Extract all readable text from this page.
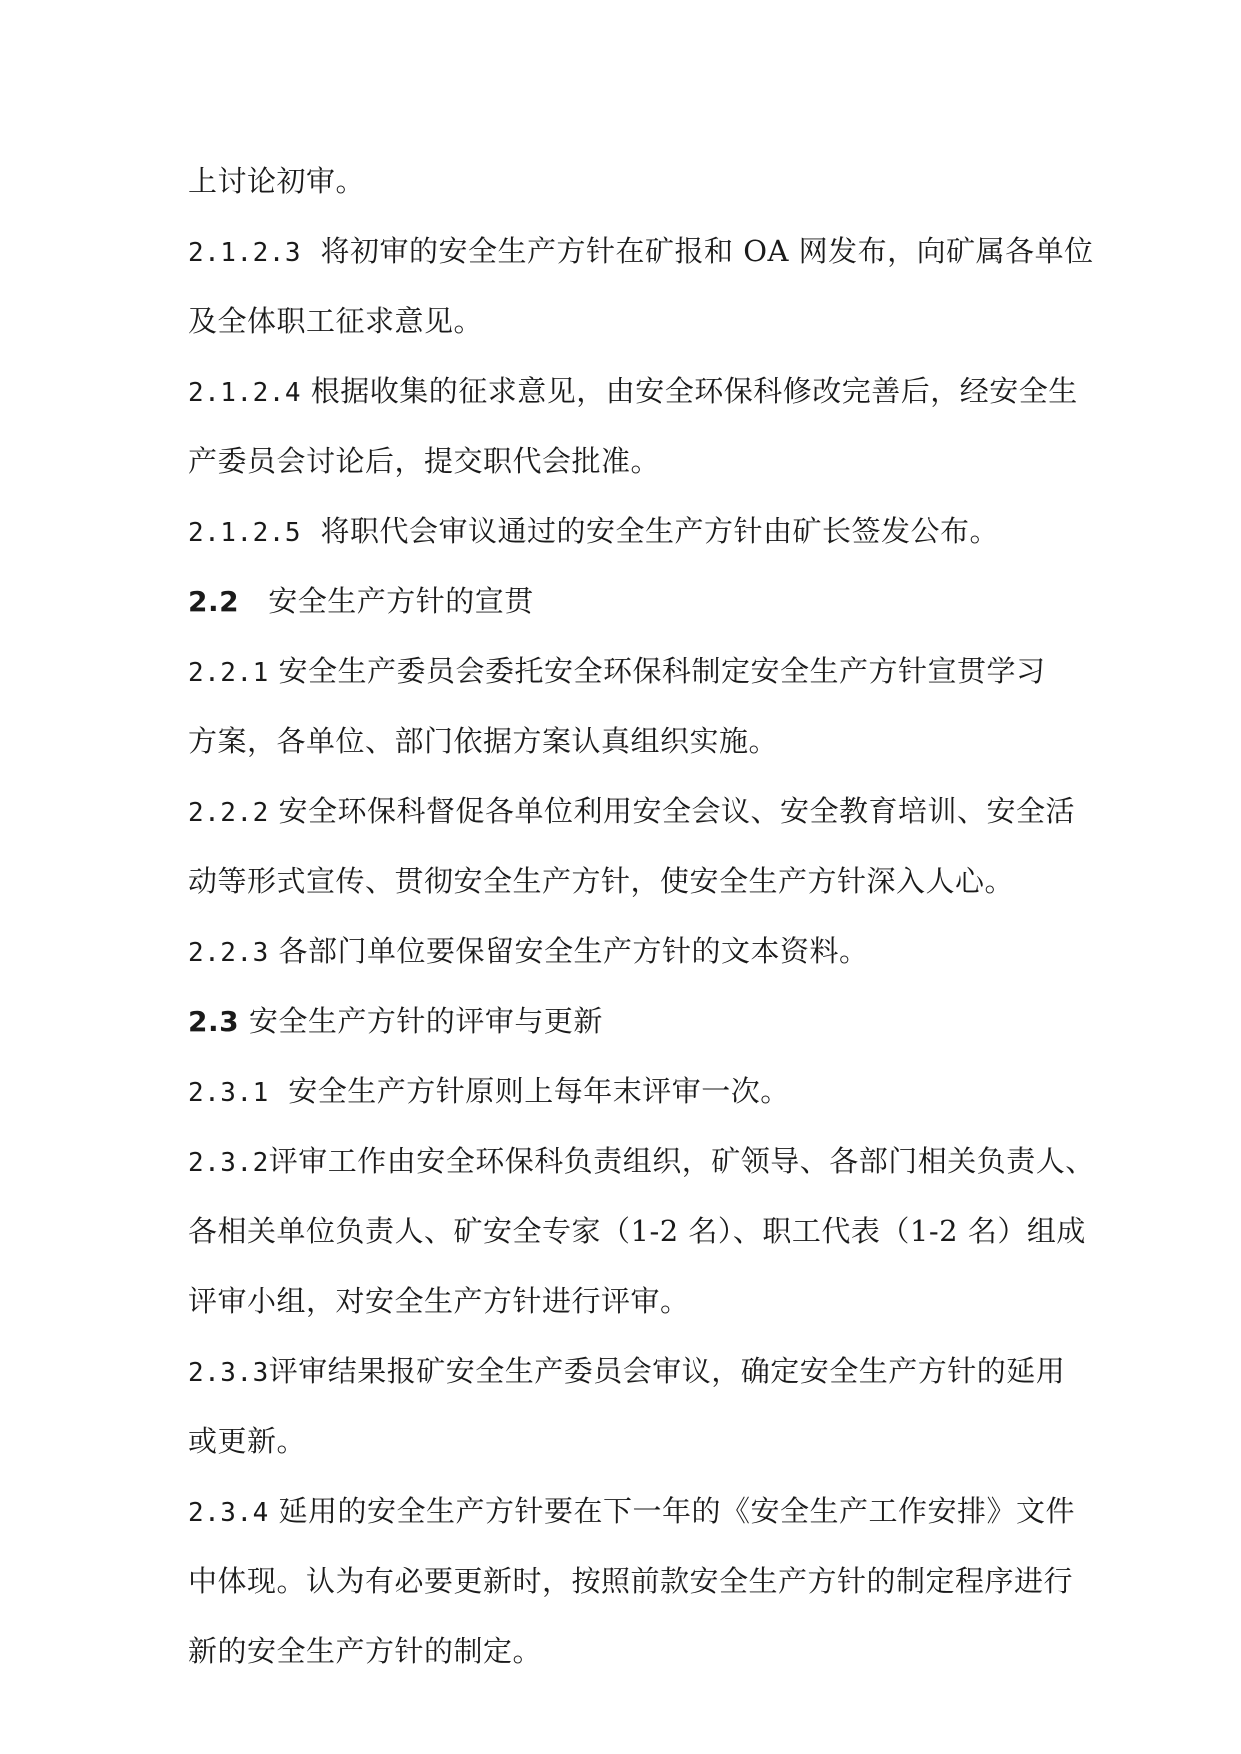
上讨论初审。
2.1.2.3  将初审的安全生产方针在矿报和 OA 网发布，向矿属各单位
及全体职工征求意见。
2.1.2.4 根据收集的征求意见，由安全环保科修改完善后，经安全生
产委员会讨论后，提交职代会批准。
2.1.2.5  将职代会审议通过的安全生产方针由矿长签发公布。
2.2   安全生产方针的宣贯
2.2.1 安全生产委员会委托安全环保科制定安全生产方针宣贯学习
方案，各单位、部门依据方案认真组织实施。
2.2.2 安全环保科督促各单位利用安全会议、安全教育培训、安全活
动等形式宣传、贯彻安全生产方针，使安全生产方针深入人心。
2.2.3 各部门单位要保留安全生产方针的文本资料。
2.3 安全生产方针的评审与更新
2.3.1  安全生产方针原则上每年末评审一次。
2.3.2评审工作由安全环保科负责组织，矿领导、各部门相关负责人、
各相关单位负责人、矿安全专家（1-2 名）、职工代表（1-2 名）组成
评审小组，对安全生产方针进行评审。
2.3.3评审结果报矿安全生产委员会审议，确定安全生产方针的延用
或更新。
2.3.4 延用的安全生产方针要在下一年的《安全生产工作安排》文件
中体现。认为有必要更新时，按照前款安全生产方针的制定程序进行
新的安全生产方针的制定。
